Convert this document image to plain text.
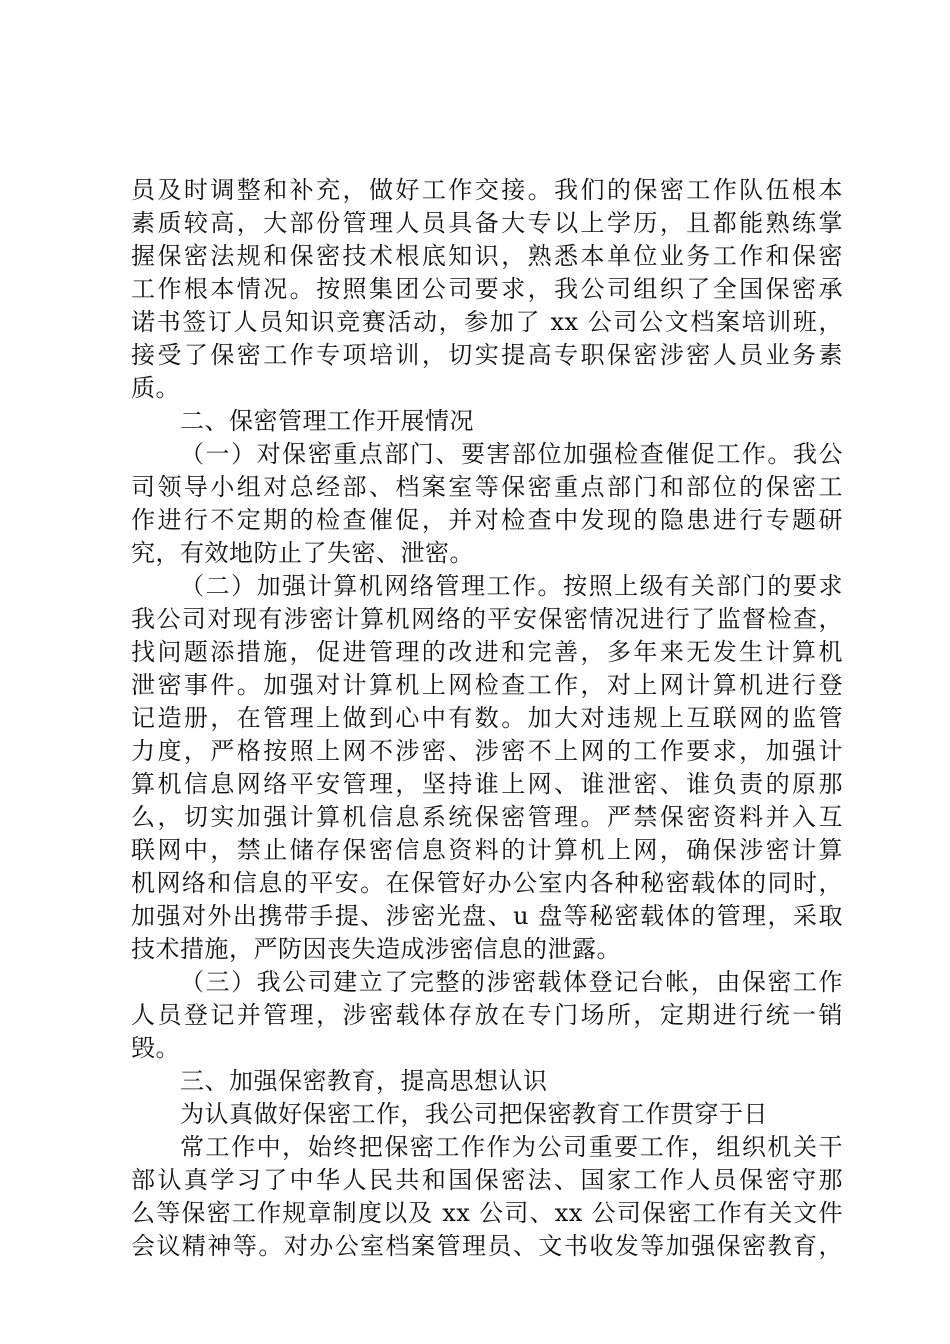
员及时调整和补充，做好工作交接。我们的保密工作队伍根本
素质较高，大部份管理人员具备大专以上学历，且都能熟练掌
握保密法规和保密技术根底知识，熟悉本单位业务工作和保密
工作根本情况。按照集团公司要求，我公司组织了全国保密承
诺书签订人员知识竞赛活动，参加了 xx 公司公文档案培训班，
接受了保密工作专项培训，切实提高专职保密涉密人员业务素
质。
二、保密管理工作开展情况
（一）对保密重点部门、要害部位加强检查催促工作。我公
司领导小组对总经部、档案室等保密重点部门和部位的保密工
作进行不定期的检查催促，并对检查中发现的隐患进行专题研
究，有效地防止了失密、泄密。
（二）加强计算机网络管理工作。按照上级有关部门的要求
我公司对现有涉密计算机网络的平安保密情况进行了监督检查，
找问题添措施，促进管理的改进和完善，多年来无发生计算机
泄密事件。加强对计算机上网检查工作，对上网计算机进行登
记造册，在管理上做到心中有数。加大对违规上互联网的监管
力度，严格按照上网不涉密、涉密不上网的工作要求，加强计
算机信息网络平安管理，坚持谁上网、谁泄密、谁负责的原那
么，切实加强计算机信息系统保密管理。严禁保密资料并入互
联网中，禁止储存保密信息资料的计算机上网，确保涉密计算
机网络和信息的平安。在保管好办公室内各种秘密载体的同时，
加强对外出携带手提、涉密光盘、u 盘等秘密载体的管理，采取
技术措施，严防因丧失造成涉密信息的泄露。
（三）我公司建立了完整的涉密载体登记台帐，由保密工作
人员登记并管理，涉密载体存放在专门场所，定期进行统一销
毁。
三、加强保密教育，提高思想认识
为认真做好保密工作，我公司把保密教育工作贯穿于日
常工作中，始终把保密工作作为公司重要工作，组织机关干
部认真学习了中华人民共和国保密法、国家工作人员保密守那
么等保密工作规章制度以及 xx 公司、xx 公司保密工作有关文件
会议精神等。对办公室档案管理员、文书收发等加强保密教育，
